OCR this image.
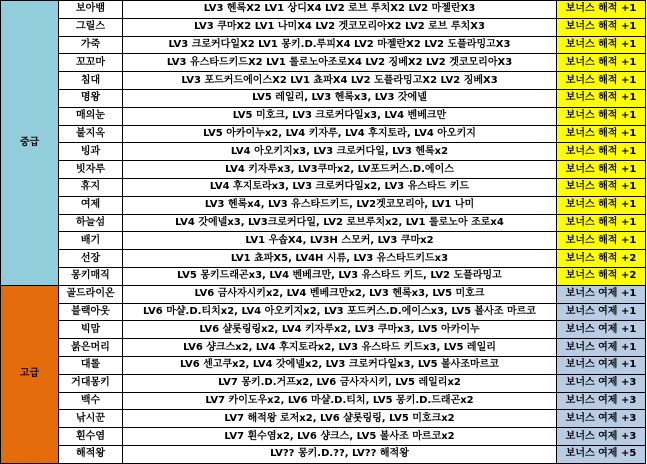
중급	보아뱀	LV3 헨록X2 LV1 상디X4 LV2 로브 루치X2 LV2 마젤란X3	보너스 해적 +1
	그릴스	LV3 쿠마X2 LV1 나미X4 LV2 겟코모리아X2 LV2 로브 루치X3	보너스 해적 +1
	가죽	LV3 크로커다일X2 LV1 몽키.D.루피X4 LV2 마젤란X2 LV2 도플라밍고X3	보너스 해적 +1
	꼬꼬마	LV3 유스타드키드X2 LV1 롤로노아조로X4 LV2 징베X2 LV2 겟코모리아X3	보너스 해적 +1
	침대	LV3 포드커드에이스X2 LV1 쵸파X4 LV2 도플라밍고X2 LV2 징베X3	보너스 해적 +1
	명왕	LV5 레일리, LV3 헨록x3, LV3 갓에넬	보너스 해적 +1
	매의눈	LV5 미호크, LV3 크로커다일x3, LV4 벤베크만	보너스 해적 +1
	불지옥	LV5 아카이누x2, LV4 키자루, LV4 후지토라, LV4 아오키지	보너스 해적 +1
	빙과	LV4 아오키지x3, LV3 크로커다일, LV3 헨록x2	보너스 해적 +1
	빗자루	LV4 키자루x3, LV3쿠마x2, LV포드커스.D.에이스	보너스 해적 +1
	휴지	LV4 후지토라x3, LV3 크로커다일x2, LV3 유스타드 키드	보너스 해적 +1
	여제	LV3 헨록x4, LV3 유스타드키드, LV2겟코모리아, LV1 나미	보너스 해적 +1
	하늘섬	LV4 갓에넬x3, LV3크로커다일, LV2 로브루치x2, LV1 롤로노아 조로x4	보너스 해적 +1
	배기	LV1 우솝X4, LV3H 스모커, LV3 쿠마x2	보너스 해적 +1
	선장	LV1 쵸파X5, LV4H 시류, LV3 유스타드키드x3	보너스 해적 +2
	몽키매직	LV5 몽키드래곤x3, LV4 벤베크만, LV3 유스타드 키드, LV2 도플라밍고	보너스 해적 +2
고급	골드라이온	LV6 금사자시키x2, LV4 벤베크만x2, LV3 헨록x3, LV5 미호크	보너스 여제 +1
	블랙아웃	LV6 마샬.D.티치x2, LV4 아오키지x2, LV3 포드커스.D.에이스x3, LV5 볼사조 마르코	보너스 여제 +1
	빅맘	LV6 샬롯링링x2, LV4 키자루x2, LV3 쿠마x3, LV5 아카이누	보너스 여제 +1
	붉은머리	LV6 샹크스x2, LV4 후지토라x2, LV3 유스타드 키드x3, LV5 레일리	보너스 여제 +1
	대롤	LV6 센고쿠x2, LV4 갓에넬x2, LV3 크로커다일x3, LV5 볼사조마르코	보너스 여제 +1
	거대몽키	LV7 몽키.D.거프x2, LV6 금사자시키, LV5 레일리x2	보너스 여제 +3
	백수	LV7 카이도우x2, LV6 마샬.D.티치, LV5 몽키.D.드래곤x2	보너스 여제 +3
	낚시꾼	LV7 해적왕 로저x2, LV6 샬롯링링, LV5 미호크x2	보너스 여제 +3
	흰수염	LV7 흰수염x2, LV6 샹크스, LV5 볼사조 마르코x2	보너스 여제 +3
	해적왕	LV?? 몽키.D.??, LV?? 해적왕	보너스 여제 +5
